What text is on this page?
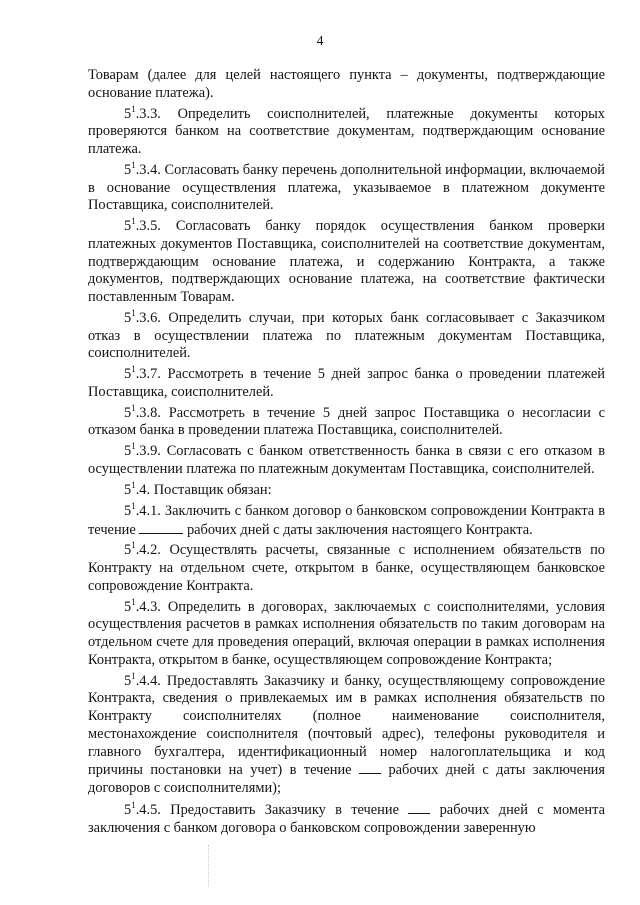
4

Товарам (далее для целей настоящего пункта – документы, подтверждающие основание платежа).

$5^1.3.3$. Определить соисполнителей, платежные документы которых проверяются банком на соответствие документам, подтверждающим основание платежа.

$5^1.3.4$. Согласовать банку перечень дополнительной информации, включаемой в основание осуществления платежа, указываемое в платежном документе Поставщика, соисполнителей.

$5^1.3.5$. Согласовать банку порядок осуществления банком проверки платежных документов Поставщика, соисполнителей на соответствие документам, подтверждающим основание платежа, и содержанию Контракта, а также документов, подтверждающих основание платежа, на соответствие фактически поставленным Товарам.

$5^1.3.6$. Определить случаи, при которых банк согласовывает с Заказчиком отказ в осуществлении платежа по платежным документам Поставщика, соисполнителей.

$5^1.3.7$. Рассмотреть в течение 5 дней запрос банка о проведении платежей Поставщика, соисполнителей.

$5^1.3.8$. Рассмотреть в течение 5 дней запрос Поставщика о несогласии с отказом банка в проведении платежа Поставщика, соисполнителей.

$5^1.3.9$. Согласовать с банком ответственность банка в связи с его отказом в осуществлении платежа по платежным документам Поставщика, соисполнителей.

$5^1.4$. Поставщик обязан:

$5^1.4.1$. Заключить с банком договор о банковском сопровождении Контракта в течение	рабочих дней с даты заключения настоящего Контракта.

$5^1.4.2$. Осуществлять расчеты, связанные с исполнением обязательств по Контракту на отдельном счете, открытом в банке, осуществляющем банковское сопровождение Контракта.

$5^1.4.3$. Определить в договорах, заключаемых с соисполнителями, условия осуществления расчетов в рамках исполнения обязательств по таким договорам на отдельном счете для проведения операций, включая операции в рамках исполнения Контракта, открытом в банке, осуществляющем сопровождение Контракта;

$5^1.4.4$. Предоставлять Заказчику и банку, осуществляющему сопровождение Контракта, сведения о привлекаемых им в рамках исполнения обязательств по Контракту соисполнителях (полное наименование соисполнителя, местонахождение соисполнителя (почтовый адрес), телефоны руководителя и главного бухгалтера, идентификационный номер налогоплательщика и код причины постановки на учет) в течение	рабочих дней с даты заключения договоров с соисполнителями);

$5^1.4.5$. Предоставить Заказчику в течение	рабочих дней с момента заключения с банком договора о банковском сопровождении заверенную
